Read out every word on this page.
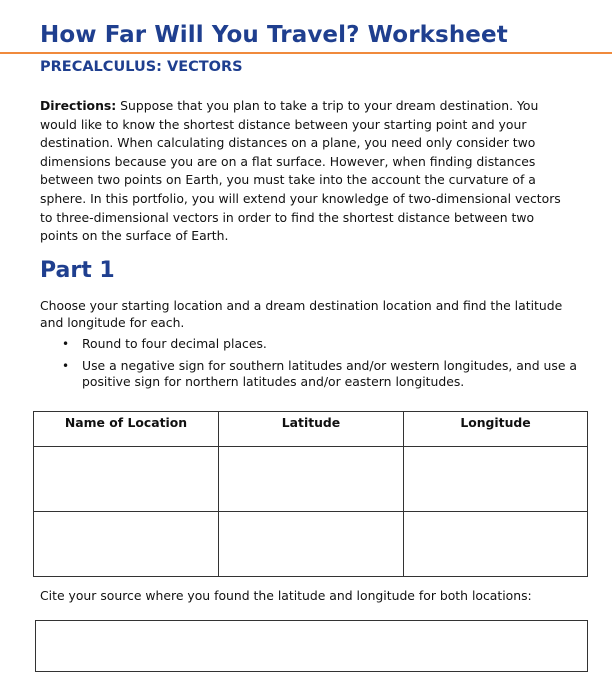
How Far Will You Travel? Worksheet
PRECALCULUS: VECTORS

Directions: Suppose that you plan to take a trip to your dream destination. You would like to know the shortest distance between your starting point and your destination. When calculating distances on a plane, you need only consider two dimensions because you are on a flat surface. However, when finding distances between two points on Earth, you must take into the account the curvature of a sphere. In this portfolio, you will extend your knowledge of two-dimensional vectors to three-dimensional vectors in order to find the shortest distance between two points on the surface of Earth.

Part 1

Choose your starting location and a dream destination location and find the latitude and longitude for each.

• Round to four decimal places.
• Use a negative sign for southern latitudes and/or western longitudes, and use a positive sign for northern latitudes and/or eastern longitudes.
Name of Location	Latitude	Longitude

Cite your source where you found the latitude and longitude for both locations:
